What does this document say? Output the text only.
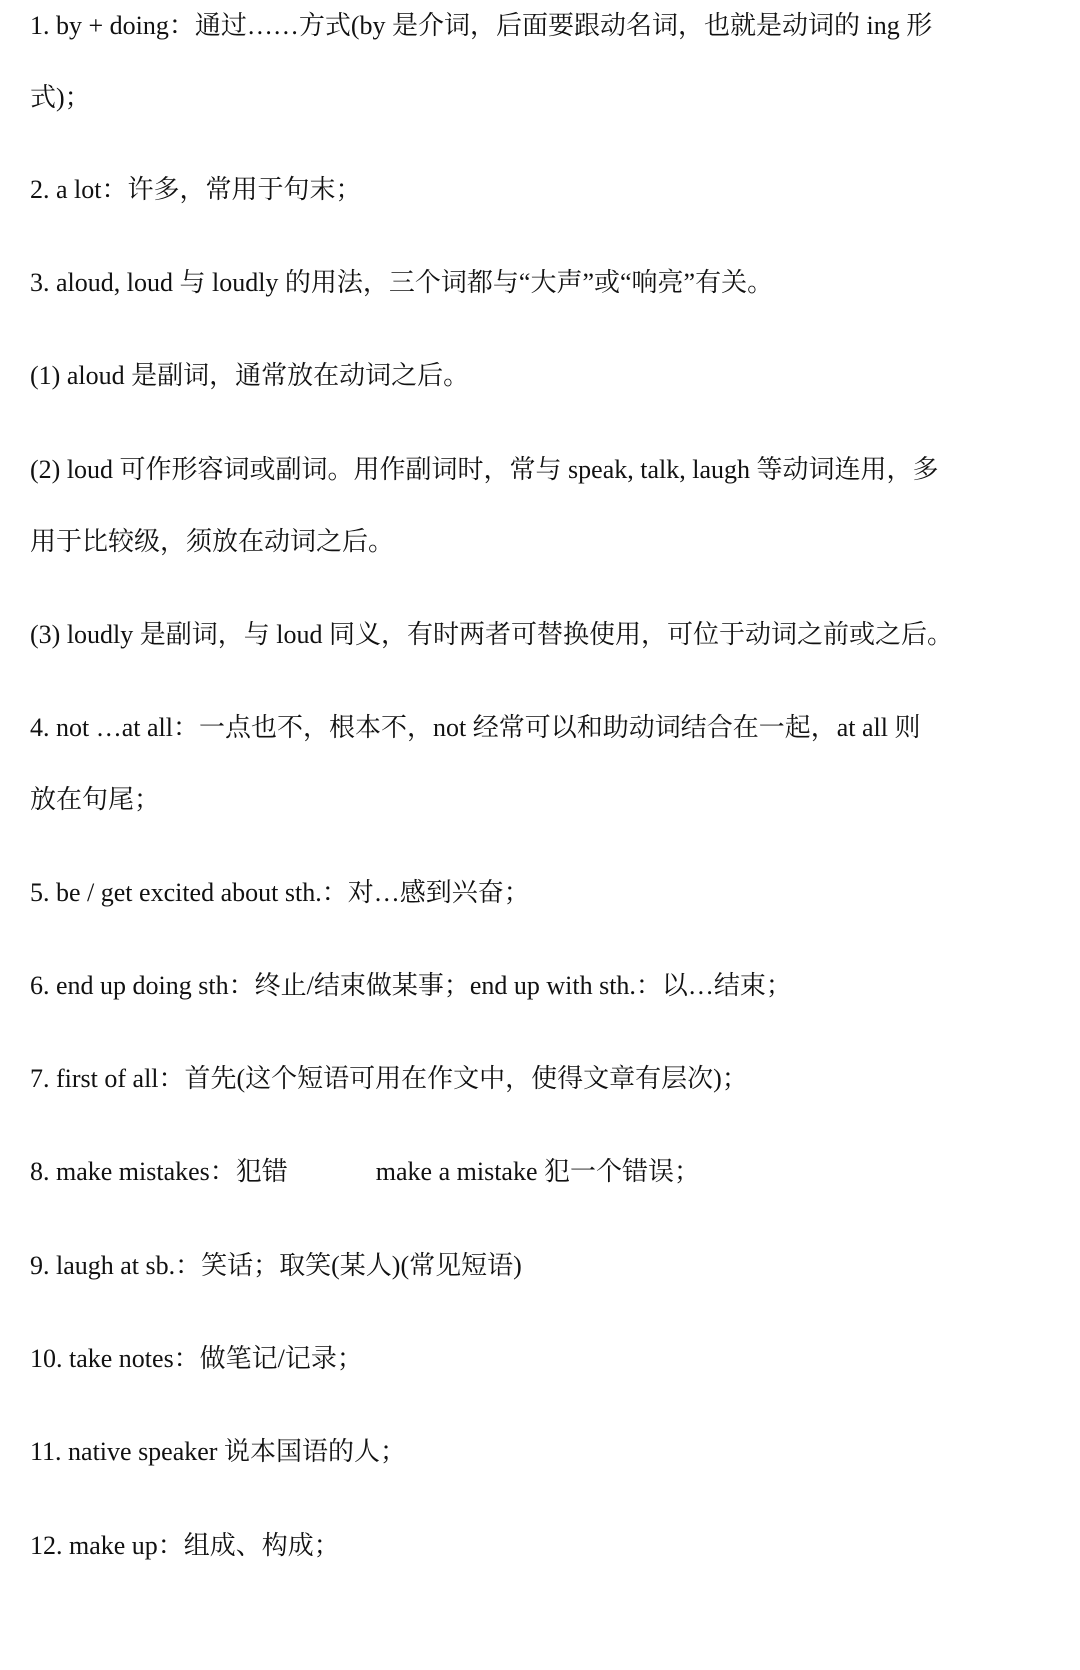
1. by + doing：通过……方式(by 是介词，后面要跟动名词，也就是动词的 ing 形
式)；
2. a lot：许多，常用于句末；
3. aloud, loud 与 loudly 的用法，三个词都与“大声”或“响亮”有关。
(1) aloud 是副词，通常放在动词之后。
(2) loud 可作形容词或副词。用作副词时，常与 speak, talk, laugh 等动词连用，多
用于比较级，须放在动词之后。
(3) loudly 是副词，与 loud 同义，有时两者可替换使用，可位于动词之前或之后。
4. not …at all：一点也不，根本不，not 经常可以和助动词结合在一起，at all 则
放在句尾；
5. be / get excited about sth.：对…感到兴奋；
6. end up doing sth：终止/结束做某事；end up with sth.：以…结束；
7. first of all：首先(这个短语可用在作文中，使得文章有层次)；
8. make mistakes：犯错	make a mistake 犯一个错误；
9. laugh at sb.：笑话；取笑(某人)(常见短语)
10. take notes：做笔记/记录；
11. native speaker 说本国语的人；
12. make up：组成、构成；
